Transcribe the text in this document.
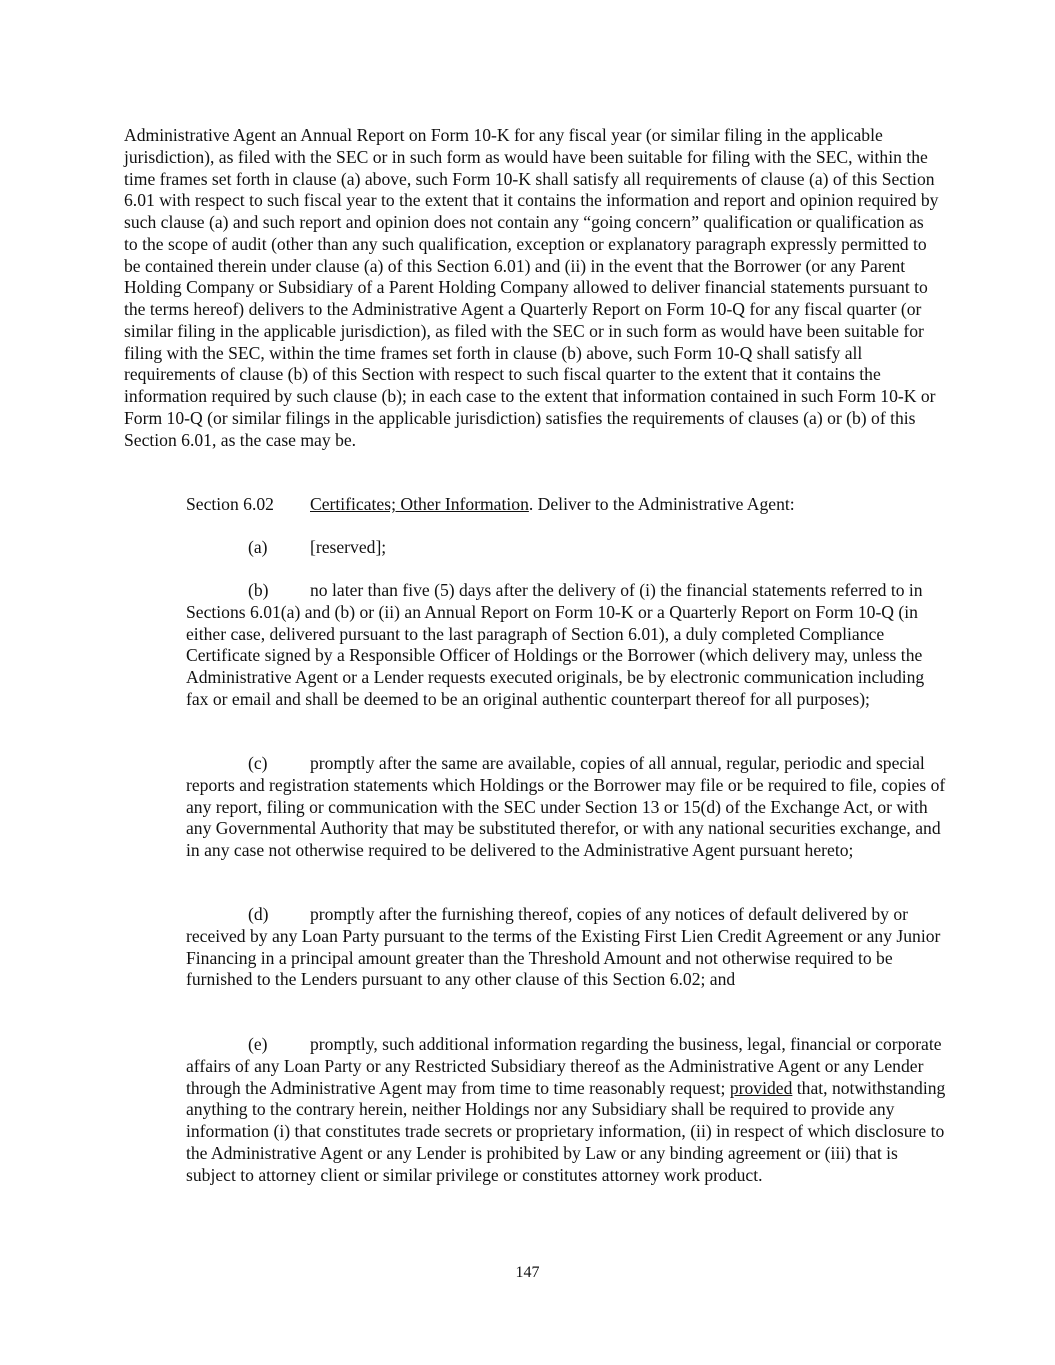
Administrative Agent an Annual Report on Form 10-K for any fiscal year (or similar filing in the applicable jurisdiction), as filed with the SEC or in such form as would have been suitable for filing with the SEC, within the time frames set forth in clause (a) above, such Form 10-K shall satisfy all requirements of clause (a) of this Section 6.01 with respect to such fiscal year to the extent that it contains the information and report and opinion required by such clause (a) and such report and opinion does not contain any “going concern” qualification or qualification as to the scope of audit (other than any such qualification, exception or explanatory paragraph expressly permitted to be contained therein under clause (a) of this Section 6.01) and (ii) in the event that the Borrower (or any Parent Holding Company or Subsidiary of a Parent Holding Company allowed to deliver financial statements pursuant to the terms hereof) delivers to the Administrative Agent a Quarterly Report on Form 10-Q for any fiscal quarter (or similar filing in the applicable jurisdiction), as filed with the SEC or in such form as would have been suitable for filing with the SEC, within the time frames set forth in clause (b) above, such Form 10-Q shall satisfy all requirements of clause (b) of this Section with respect to such fiscal quarter to the extent that it contains the information required by such clause (b); in each case to the extent that information contained in such Form 10-K or Form 10-Q (or similar filings in the applicable jurisdiction) satisfies the requirements of clauses (a) or (b) of this Section 6.01, as the case may be.

Section 6.02 Certificates; Other Information. Deliver to the Administrative Agent:

(a) [reserved];

(b) no later than five (5) days after the delivery of (i) the financial statements referred to in Sections 6.01(a) and (b) or (ii) an Annual Report on Form 10-K or a Quarterly Report on Form 10-Q (in either case, delivered pursuant to the last paragraph of Section 6.01), a duly completed Compliance Certificate signed by a Responsible Officer of Holdings or the Borrower (which delivery may, unless the Administrative Agent or a Lender requests executed originals, be by electronic communication including fax or email and shall be deemed to be an original authentic counterpart thereof for all purposes);

(c) promptly after the same are available, copies of all annual, regular, periodic and special reports and registration statements which Holdings or the Borrower may file or be required to file, copies of any report, filing or communication with the SEC under Section 13 or 15(d) of the Exchange Act, or with any Governmental Authority that may be substituted therefor, or with any national securities exchange, and in any case not otherwise required to be delivered to the Administrative Agent pursuant hereto;

(d) promptly after the furnishing thereof, copies of any notices of default delivered by or received by any Loan Party pursuant to the terms of the Existing First Lien Credit Agreement or any Junior Financing in a principal amount greater than the Threshold Amount and not otherwise required to be furnished to the Lenders pursuant to any other clause of this Section 6.02; and

(e) promptly, such additional information regarding the business, legal, financial or corporate affairs of any Loan Party or any Restricted Subsidiary thereof as the Administrative Agent or any Lender through the Administrative Agent may from time to time reasonably request; provided that, notwithstanding anything to the contrary herein, neither Holdings nor any Subsidiary shall be required to provide any information (i) that constitutes trade secrets or proprietary information, (ii) in respect of which disclosure to the Administrative Agent or any Lender is prohibited by Law or any binding agreement or (iii) that is subject to attorney client or similar privilege or constitutes attorney work product.

147
